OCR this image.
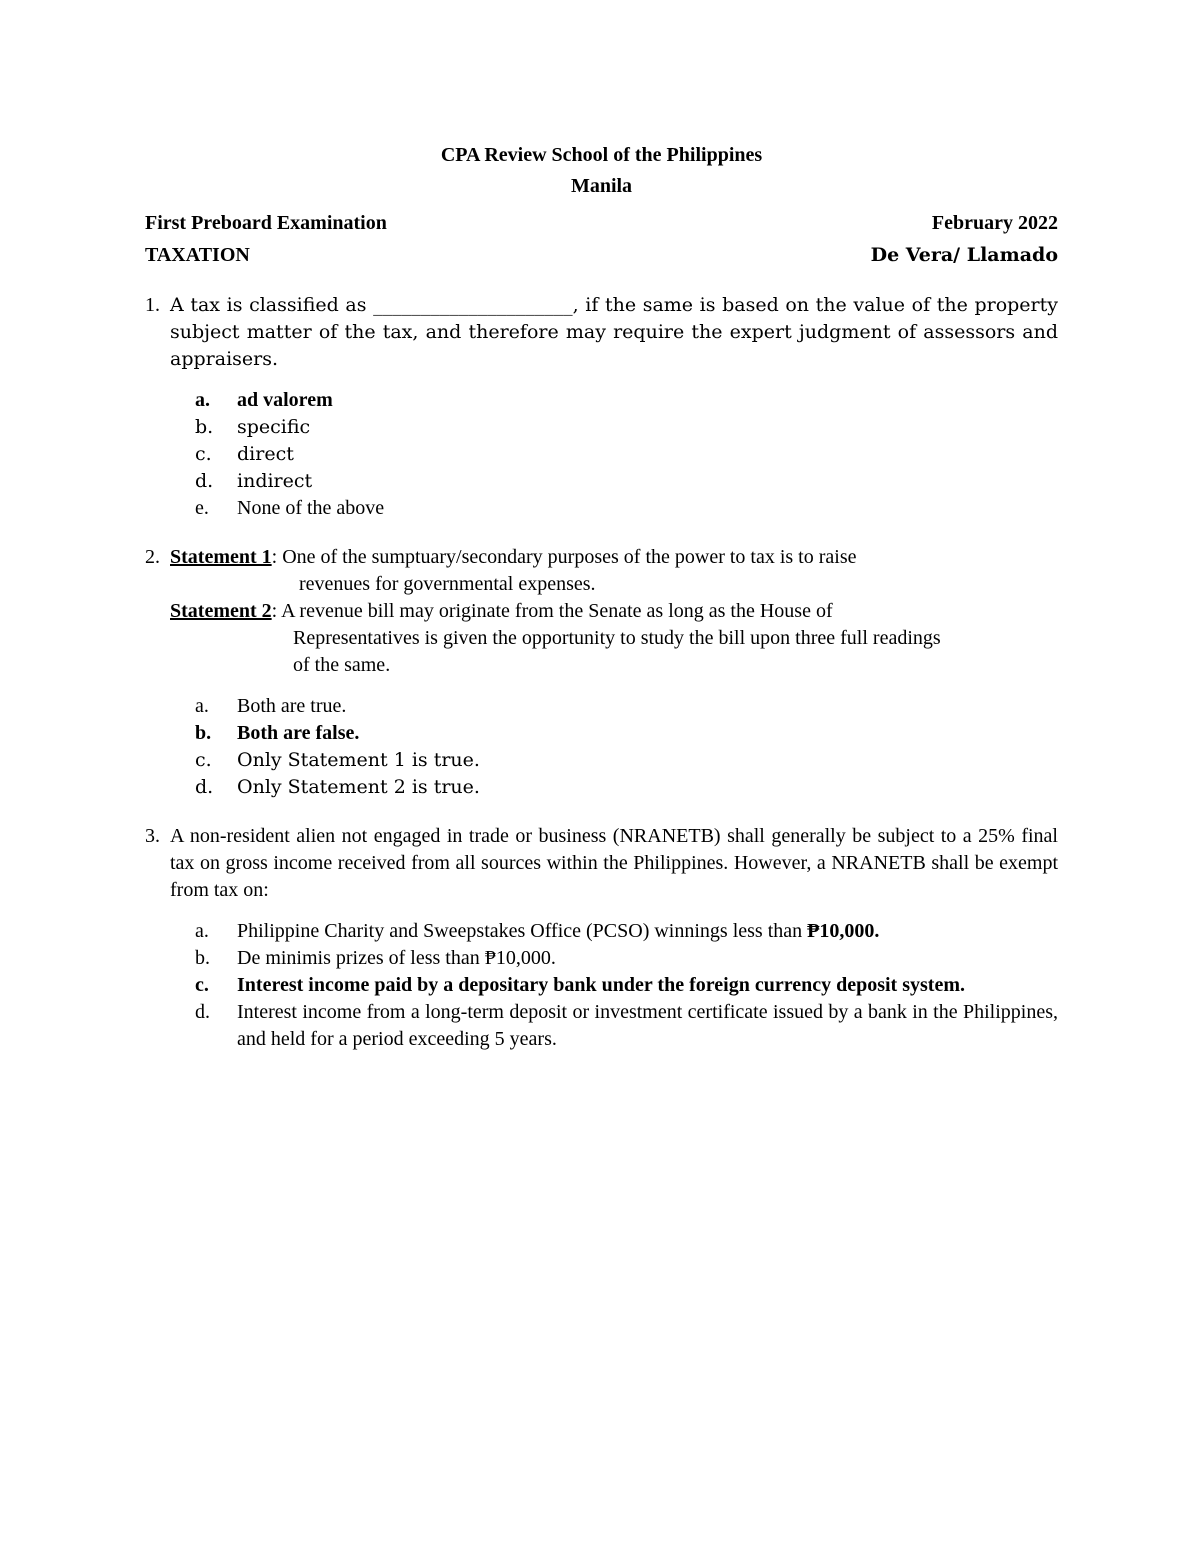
CPA Review School of the Philippines

Manila

First Preboard Examination	February 2022
TAXATION	De Vera/ Llamado
1. A tax is classified as _____________________, if the same is based on the value of the property subject matter of the tax, and therefore may require the expert judgment of assessors and appraisers.

a. ad valorem
b. specific
c. direct
d. indirect
e. None of the above
2. Statement 1: One of the sumptuary/secondary purposes of the power to tax is to raise

revenues for governmental expenses.

Statement 2: A revenue bill may originate from the Senate as long as the House of

Representatives is given the opportunity to study the bill upon three full readings

of the same.

a. Both are true.
b. Both are false.
c. Only Statement 1 is true.
d. Only Statement 2 is true.
3. A non-resident alien not engaged in trade or business (NRANETB) shall generally be subject to a 25% final tax on gross income received from all sources within the Philippines. However, a NRANETB shall be exempt from tax on:

a. Philippine Charity and Sweepstakes Office (PCSO) winnings less than ₱10,000.
b. De minimis prizes of less than ₱10,000.
c. Interest income paid by a depositary bank under the foreign currency deposit system.
d. Interest income from a long-term deposit or investment certificate issued by a bank in the Philippines, and held for a period exceeding 5 years.
